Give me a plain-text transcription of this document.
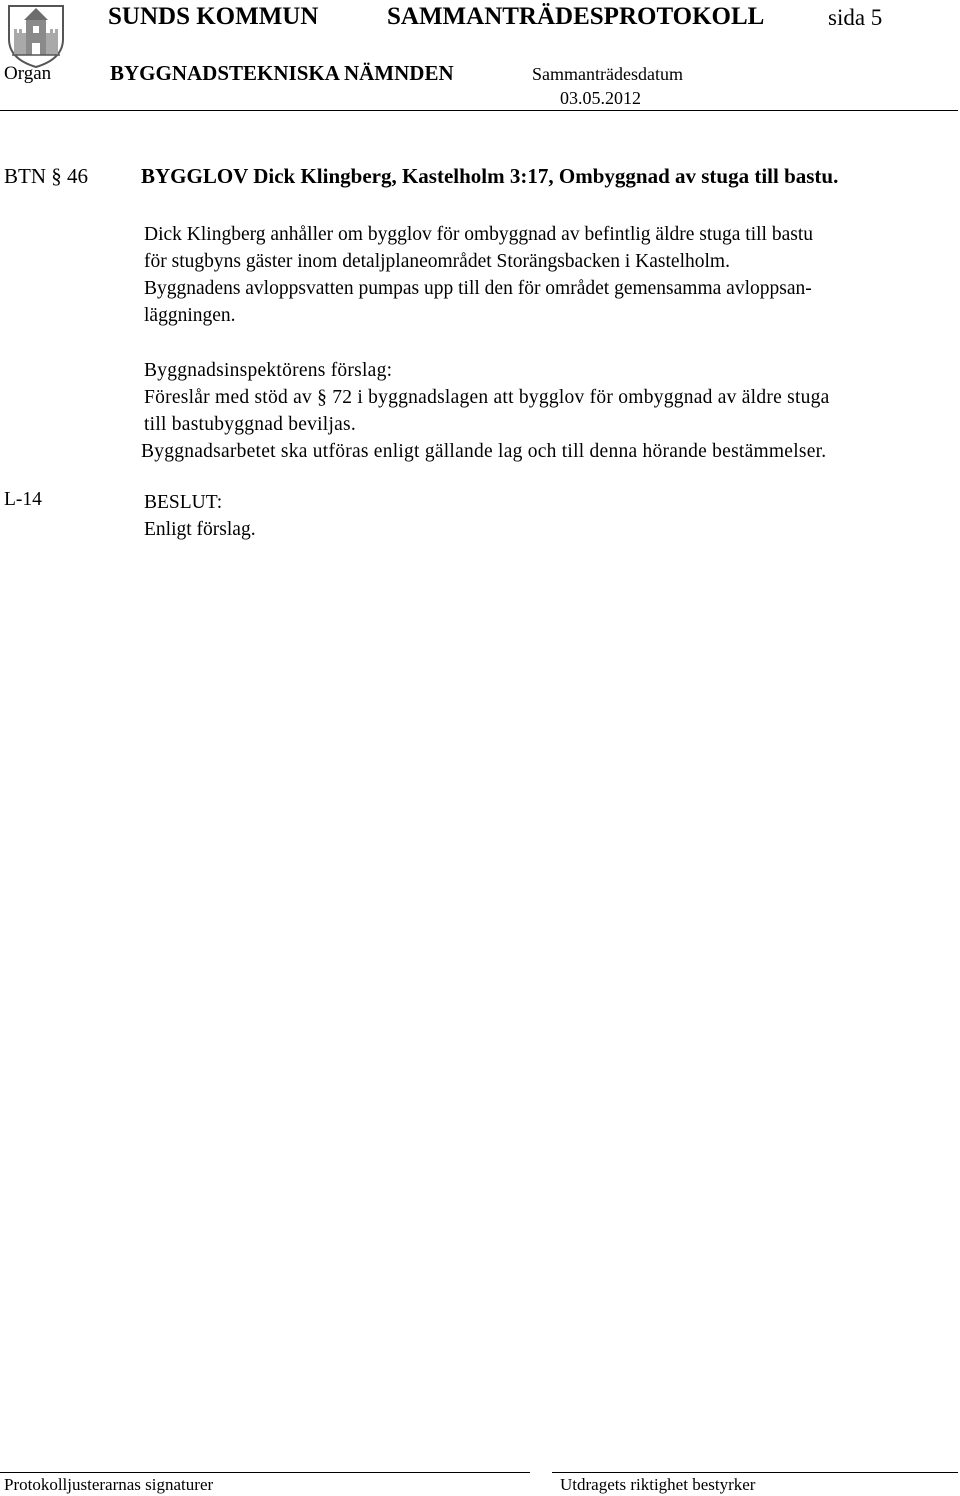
SUNDS KOMMUN	SAMMANTRÄDESPROTOKOLL	sida 5
Organ	BYGGNADSTEKNISKA NÄMNDEN	Sammanträdesdatum
03.05.2012
BTN § 46	BYGGLOV Dick Klingberg, Kastelholm 3:17, Ombyggnad av stuga till bastu.
Dick Klingberg anhåller om bygglov för ombyggnad av befintlig äldre stuga till bastu
för stugbyns gäster inom detaljplaneområdet Storängsbacken i Kastelholm.
Byggnadens avloppsvatten pumpas upp till den för området gemensamma avloppsan-
läggningen.
Byggnadsinspektörens förslag:
Föreslår med stöd av § 72 i byggnadslagen att bygglov för ombyggnad av äldre stuga
till bastubyggnad beviljas.
Byggnadsarbetet ska utföras enligt gällande lag och till denna hörande bestämmelser.
L-14	BESLUT:
Enligt förslag.
Protokolljusterarnas signaturer	Utdragets riktighet bestyrker
